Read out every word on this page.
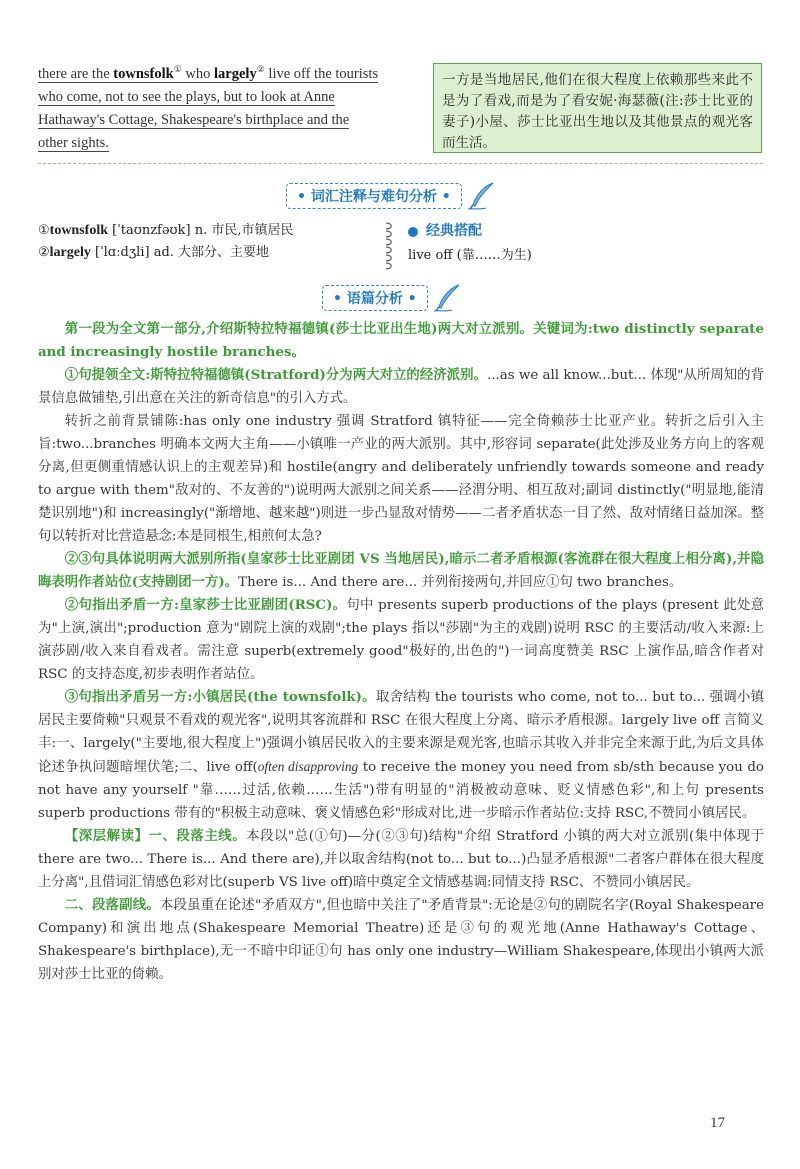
there are the townsfolk① who largely② live off the tourists
who come, not to see the plays, but to look at Anne
Hathaway's Cottage, Shakespeare's birthplace and the
other sights.
一方是当地居民,他们在很大程度上依赖那些来此不是为了看戏,而是为了看安妮·海瑟薇(注:莎士比亚的妻子)小屋、莎士比亚出生地以及其他景点的观光客而生活。
• 词汇注释与难句分析 •
①townsfolk [ˈtaʊnzfəʊk] n. 市民,市镇居民
②largely [ˈlɑːdʒli] ad. 大部分、主要地
经典搭配
live off (靠……为生)
• 语篇分析 •

第一段为全文第一部分,介绍斯特拉特福德镇(莎士比亚出生地)两大对立派别。关键词为:two distinctly separate and increasingly hostile branches。

①句提领全文:斯特拉特福德镇(Stratford)分为两大对立的经济派别。...as we all know...but... 体现"从所周知的背景信息做铺垫,引出意在关注的新奇信息"的引入方式。

转折之前背景铺陈:has only one industry 强调 Stratford 镇特征——完全倚赖莎士比亚产业。转折之后引入主旨:two...branches 明确本文两大主角——小镇唯一产业的两大派别。其中,形容词 separate(此处涉及业务方向上的客观分离,但更侧重情感认识上的主观差异)和 hostile(angry and deliberately unfriendly towards someone and ready to argue with them"敌对的、不友善的")说明两大派别之间关系——泾渭分明、相互敌对;副词 distinctly("明显地,能清楚识别地")和 increasingly("渐增地、越来越")则进一步凸显敌对情势——二者矛盾状态一目了然、敌对情绪日益加深。整句以转折对比营造悬念:本是同根生,相煎何太急?

②③句具体说明两大派别所指(皇家莎士比亚剧团 VS 当地居民),暗示二者矛盾根源(客流群在很大程度上相分离),并隐晦表明作者站位(支持剧团一方)。There is... And there are... 并列衔接两句,并回应①句 two branches。

②句指出矛盾一方:皇家莎士比亚剧团(RSC)。句中 presents superb productions of the plays (present 此处意为"上演,演出";production 意为"剧院上演的戏剧";the plays 指以"莎剧"为主的戏剧)说明 RSC 的主要活动/收入来源:上演莎剧/收入来自看戏者。需注意 superb(extremely good"极好的,出色的")一词高度赞美 RSC 上演作品,暗含作者对 RSC 的支持态度,初步表明作者站位。

③句指出矛盾另一方:小镇居民(the townsfolk)。取舍结构 the tourists who come, not to... but to... 强调小镇居民主要倚赖"只观景不看戏的观光客",说明其客流群和 RSC 在很大程度上分离、暗示矛盾根源。largely live off 言简义丰:一、largely("主要地,很大程度上")强调小镇居民收入的主要来源是观光客,也暗示其收入并非完全来源于此,为后文具体论述争执问题暗埋伏笔;二、live off(often disapproving to receive the money you need from sb/sth because you do not have any yourself "靠……过活,依赖……生活")带有明显的"消极被动意味、贬义情感色彩",和上句 presents superb productions 带有的"积极主动意味、褒义情感色彩"形成对比,进一步暗示作者站位:支持 RSC,不赞同小镇居民。

【深层解读】一、段落主线。本段以"总(①句)—分(②③句)结构"介绍 Stratford 小镇的两大对立派别(集中体现于 there are two... There is... And there are),并以取舍结构(not to... but to...)凸显矛盾根源"二者客户群体在很大程度上分离",且借词汇情感色彩对比(superb VS live off)暗中奠定全文情感基调:同情支持 RSC、不赞同小镇居民。

二、段落副线。本段虽重在论述"矛盾双方",但也暗中关注了"矛盾背景":无论是②句的剧院名字(Royal Shakespeare Company)和演出地点(Shakespeare Memorial Theatre)还是③句的观光地(Anne Hathaway's Cottage、Shakespeare's birthplace),无一不暗中印证①句 has only one industry—William Shakespeare,体现出小镇两大派别对莎士比亚的倚赖。

17
